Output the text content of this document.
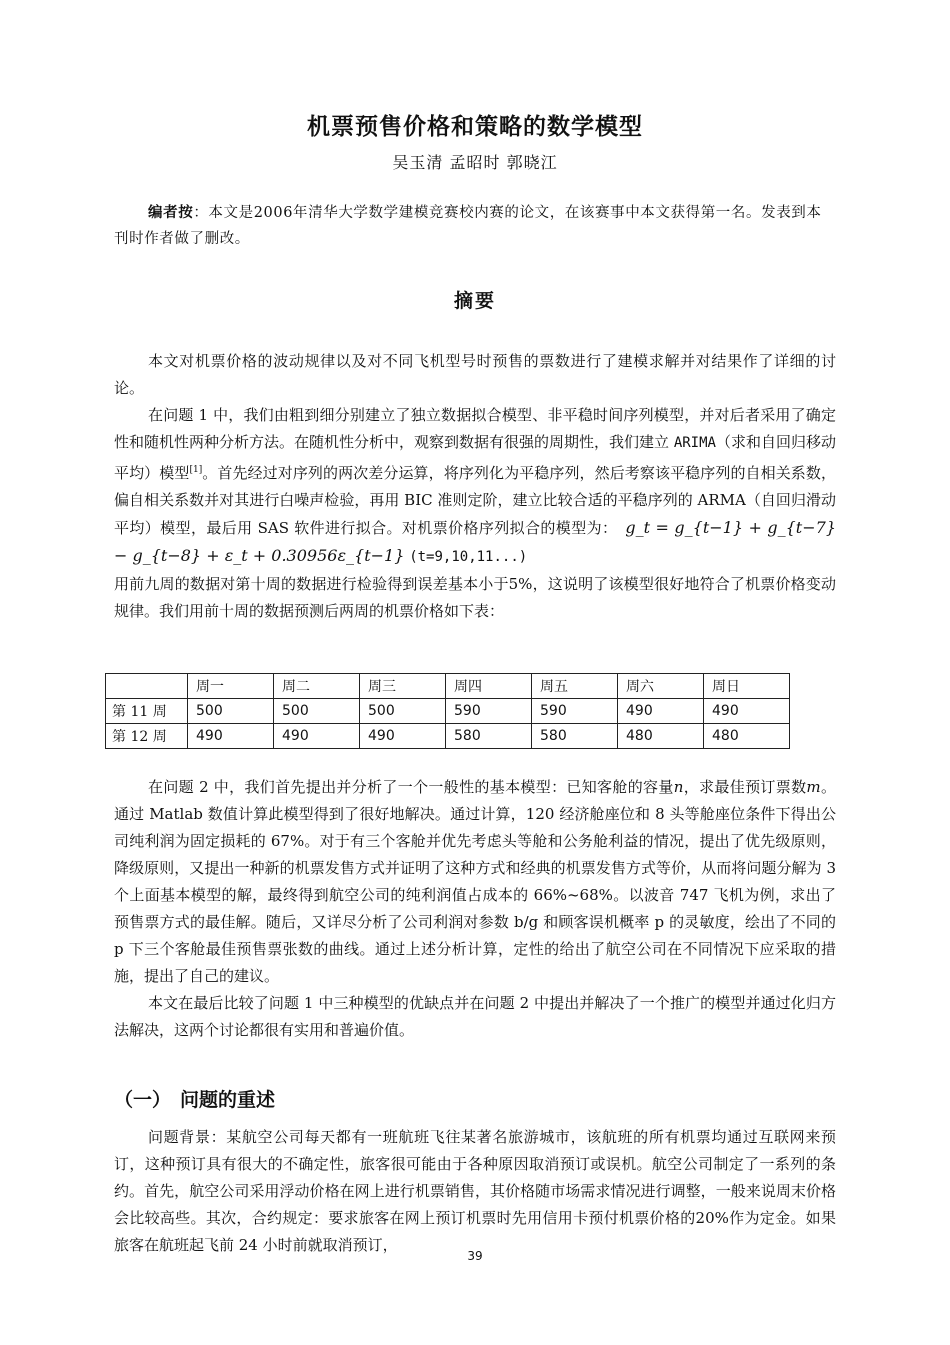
机票预售价格和策略的数学模型
吴玉清 孟昭时 郭晓江
编者按：本文是2006年清华大学数学建模竞赛校内赛的论文，在该赛事中本文获得第一名。发表到本刊时作者做了删改。
摘要

本文对机票价格的波动规律以及对不同飞机型号时预售的票数进行了建模求解并对结果作了详细的讨论。

在问题 1 中，我们由粗到细分别建立了独立数据拟合模型、非平稳时间序列模型，并对后者采用了确定性和随机性两种分析方法。在随机性分析中，观察到数据有很强的周期性，我们建立 ARIMA（求和自回归移动平均）模型[1]。首先经过对序列的两次差分运算，将序列化为平稳序列，然后考察该平稳序列的自相关系数，偏自相关系数并对其进行白噪声检验，再用 BIC 准则定阶，建立比较合适的平稳序列的 ARMA（自回归滑动平均）模型，最后用 SAS 软件进行拟合。对机票价格序列拟合的模型为： g_t = g_{t−1} + g_{t−7} − g_{t−8} + ε_t + 0.30956ε_{t−1} (t=9,10,11...)

用前九周的数据对第十周的数据进行检验得到误差基本小于5%，这说明了该模型很好地符合了机票价格变动规律。我们用前十周的数据预测后两周的机票价格如下表：

	周一	周二	周三	周四	周五	周六	周日
第 11 周	500	500	500	590	590	490	490
第 12 周	490	490	490	580	580	480	480

在问题 2 中，我们首先提出并分析了一个一般性的基本模型：已知客舱的容量n，求最佳预订票数m。通过 Matlab 数值计算此模型得到了很好地解决。通过计算，120 经济舱座位和 8 头等舱座位条件下得出公司纯利润为固定损耗的 67%。对于有三个客舱并优先考虑头等舱和公务舱利益的情况，提出了优先级原则，降级原则，又提出一种新的机票发售方式并证明了这种方式和经典的机票发售方式等价，从而将问题分解为 3 个上面基本模型的解，最终得到航空公司的纯利润值占成本的 66%~68%。以波音 747 飞机为例，求出了预售票方式的最佳解。随后，又详尽分析了公司利润对参数 b/g 和顾客误机概率 p 的灵敏度，绘出了不同的 p 下三个客舱最佳预售票张数的曲线。通过上述分析计算，定性的给出了航空公司在不同情况下应采取的措施，提出了自己的建议。

本文在最后比较了问题 1 中三种模型的优缺点并在问题 2 中提出并解决了一个推广的模型并通过化归方法解决，这两个讨论都很有实用和普遍价值。

（一） 问题的重述

问题背景：某航空公司每天都有一班航班飞往某著名旅游城市，该航班的所有机票均通过互联网来预订，这种预订具有很大的不确定性，旅客很可能由于各种原因取消预订或误机。航空公司制定了一系列的条约。首先，航空公司采用浮动价格在网上进行机票销售，其价格随市场需求情况进行调整，一般来说周末价格会比较高些。其次，合约规定：要求旅客在网上预订机票时先用信用卡预付机票价格的20%作为定金。如果旅客在航班起飞前 24 小时前就取消预订，

39
